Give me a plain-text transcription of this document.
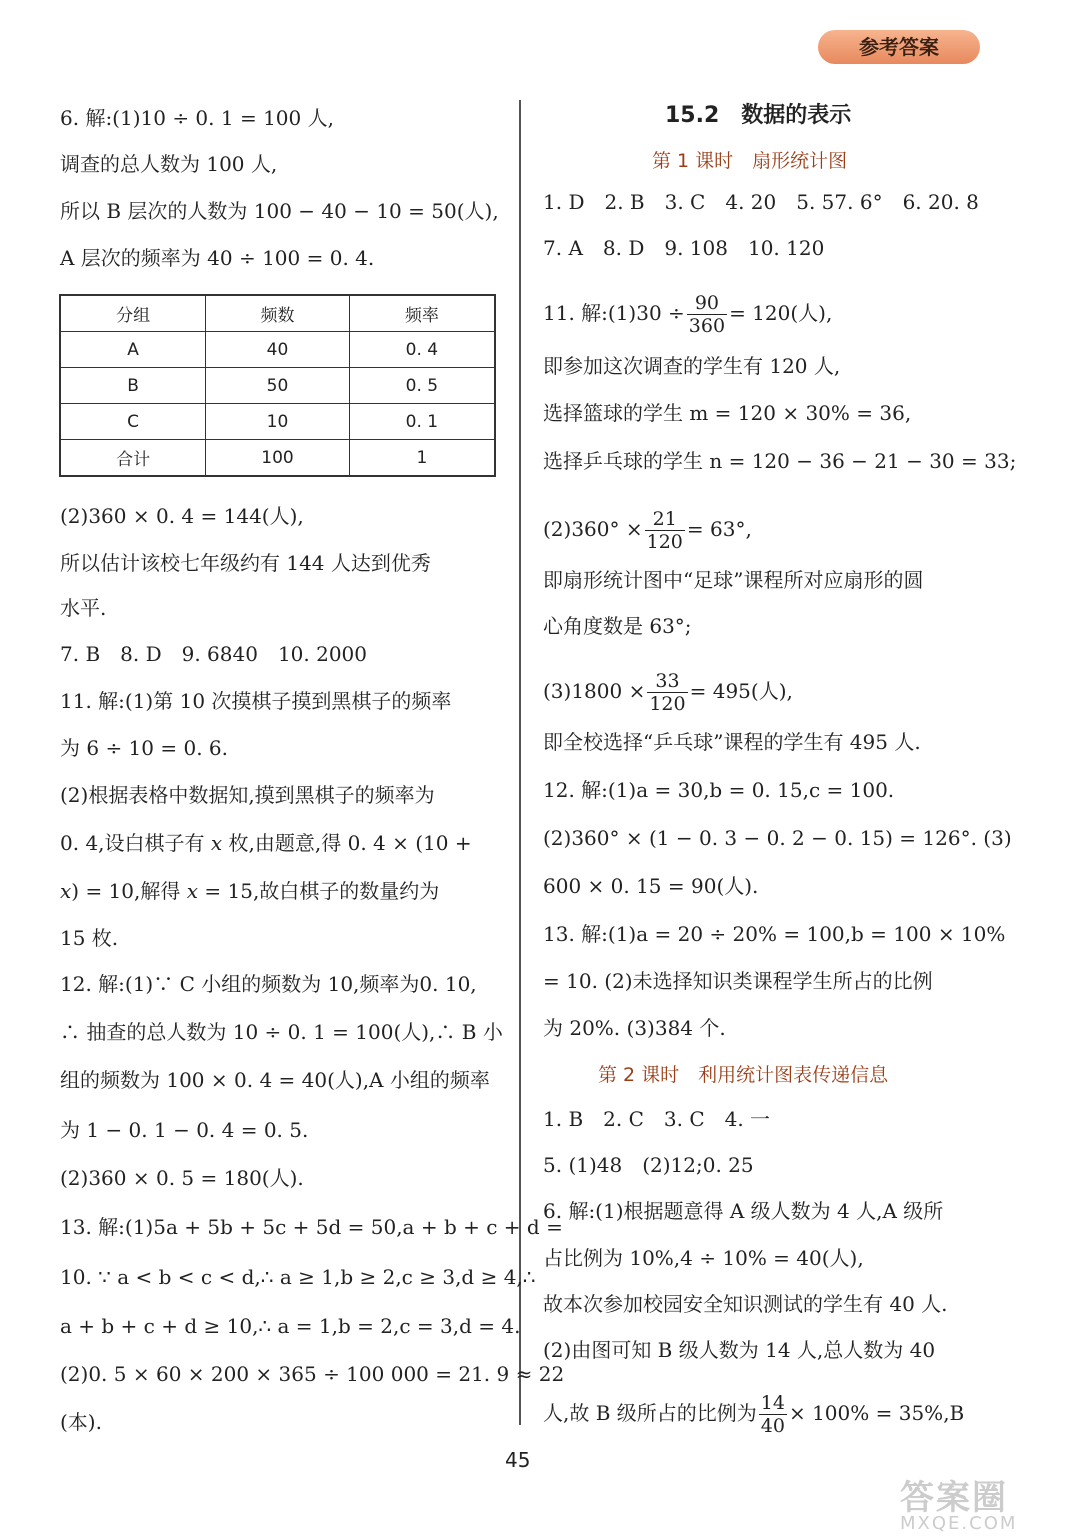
参考答案
6. 解:(1)10 ÷ 0. 1 = 100 人,
调查的总人数为 100 人,
所以 B 层次的人数为 100 − 40 − 10 = 50(人),
A 层次的频率为 40 ÷ 100 = 0. 4.
分组	频数	频率
A	40	0. 4
B	50	0. 5
C	10	0. 1
合计	100	1
(2)360 × 0. 4 = 144(人),
所以估计该校七年级约有 144 人达到优秀
水平.
7. B　8. D　9. 6840　10. 2000
11. 解:(1)第 10 次摸棋子摸到黑棋子的频率
为 6 ÷ 10 = 0. 6.
(2)根据表格中数据知,摸到黑棋子的频率为
0. 4,设白棋子有 x 枚,由题意,得 0. 4 × (10 +
x) = 10,解得 x = 15,故白棋子的数量约为
15 枚.
12. 解:(1)∵ C 小组的频数为 10,频率为0. 10,
∴ 抽查的总人数为 10 ÷ 0. 1 = 100(人),∴ B 小
组的频数为 100 × 0. 4 = 40(人),A 小组的频率
为 1 − 0. 1 − 0. 4 = 0. 5.
(2)360 × 0. 5 = 180(人).
13. 解:(1)5a + 5b + 5c + 5d = 50,a + b + c + d =
10. ∵ a < b < c < d,∴ a ≥ 1,b ≥ 2,c ≥ 3,d ≥ 4,∴
a + b + c + d ≥ 10,∴ a = 1,b = 2,c = 3,d = 4.
(2)0. 5 × 60 × 200 × 365 ÷ 100 000 = 21. 9 ≈ 22
(本).
15.2　数据的表示
第 1 课时　扇形统计图
1. D　2. B　3. C　4. 20　5. 57. 6°　6. 20. 8
7. A　8. D　9. 108　10. 120
11. 解:(1)30 ÷ $\frac{90}{360} = 120$(人),
即参加这次调查的学生有 120 人,
选择篮球的学生 m = 120 × 30% = 36,
选择乒乓球的学生 n = 120 − 36 − 21 − 30 = 33;
$(2)360^\circ \times \frac{21}{120} = 63^\circ$,
即扇形统计图中“足球”课程所对应扇形的圆
心角度数是 63°;
$(3)1800 \times \frac{33}{120} = 495$(人),
即全校选择“乒乓球”课程的学生有 495 人.
12. 解:(1)a = 30,b = 0. 15,c = 100.
(2)360° × (1 − 0. 3 − 0. 2 − 0. 15) = 126°. (3)
600 × 0. 15 = 90(人).
13. 解:(1)a = 20 ÷ 20% = 100,b = 100 × 10%
= 10. (2)未选择知识类课程学生所占的比例
为 20%. (3)384 个.
第 2 课时　利用统计图表传递信息
1. B　2. C　3. C　4. 一
5. (1)48　(2)12;0. 25
6. 解:(1)根据题意得 A 级人数为 4 人,A 级所
占比例为 10%,4 ÷ 10% = 40(人),
故本次参加校园安全知识测试的学生有 40 人.
(2)由图可知 B 级人数为 14 人,总人数为 40
人,故 B 级所占的比例为 $\frac{14}{40} \times 100\% = 35\%,B$
45
答案圈
MXQE.COM
